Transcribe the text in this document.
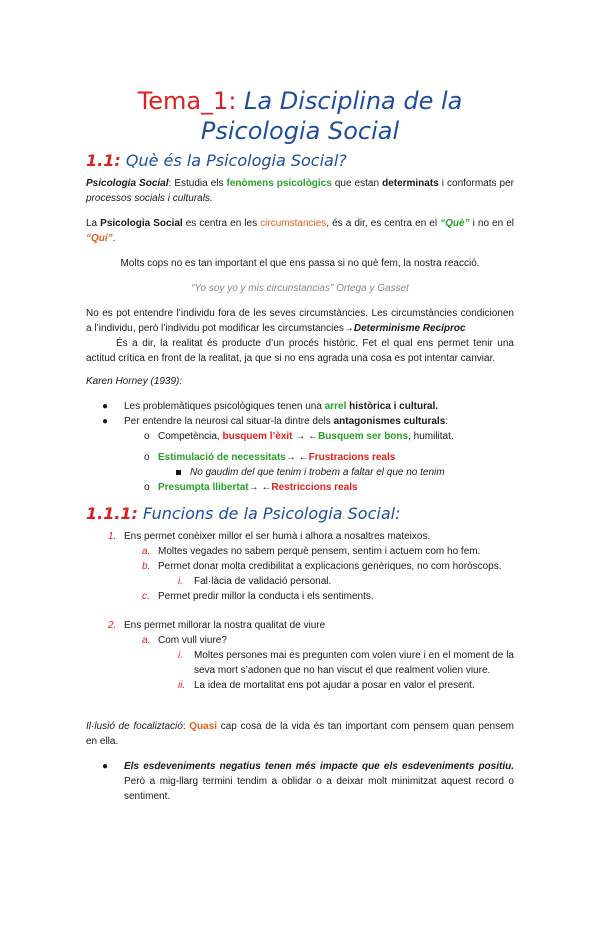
Tema_1: La Disciplina de la Psicologia Social
1.1: Què és la Psicologia Social?

Psicologia Social: Estudia els fenòmens psicològics que estan determinats i conformats per processos socials i culturals.

La Psicologia Social es centra en les circumstancies, és a dir, es centra en el “Què” i no en el “Qui”.

Molts cops no es tan important el que ens passa si no què fem, la nostra reacció.

“Yo soy yo y mis circunstancias” Ortega y Gasset

No es pot entendre l’individu fora de les seves circumstàncies. Les circumstàncies condicionen a l’individu, però l’individu pot modificar les circumstancies→Determinisme Recíproc

És a dir, la realitat és producte d’un procés històric. Fet el qual ens permet tenir una actitud crítica en front de la realitat, ja que si no ens agrada una cosa es pot intentar canviar.

Karen Horney (1939):

● Les problemàtiques psicològiques tenen una arrel històrica i cultural.
● Per entendre la neurosi cal situar-la dintre dels antagonismes culturals:
o Competència, busquem l’èxit → ←Busquem ser bons, humilitat.
o Estimulació de necessitats→ ←Frustracions reals
No gaudim del que tenim i trobem a faltar el que no tenim
o Presumpta llibertat→ ←Restriccions reals
1.1.1: Funcions de la Psicologia Social:
1. Ens permet conèixer millor el ser humà i alhora a nosaltres mateixos.
a. Moltes vegades no sabem perquè pensem, sentim i actuem com ho fem.
b. Permet donar molta credibilitat a explicacions genèriques, no com horòscops.
i. Fal·làcia de validació personal.
c. Permet predir millor la conducta i els sentiments.
2. Ens permet millorar la nostra qualitat de viure
a. Com vull viure?
i. Moltes persones mai es pregunten com volen viure i en el moment de la seva mort s’adonen que no han viscut el que realment volien viure.
ii. La idea de mortalitat ens pot ajudar a posar en valor el present.

Il·lusió de focaliztació: Quasi cap cosa de la vida és tan important com pensem quan pensem en ella.

● Els esdeveniments negatius tenen més impacte que els esdeveniments positiu. Però a mig-llarg termini tendim a oblidar o a deixar molt minimitzat aquest record o sentiment.
